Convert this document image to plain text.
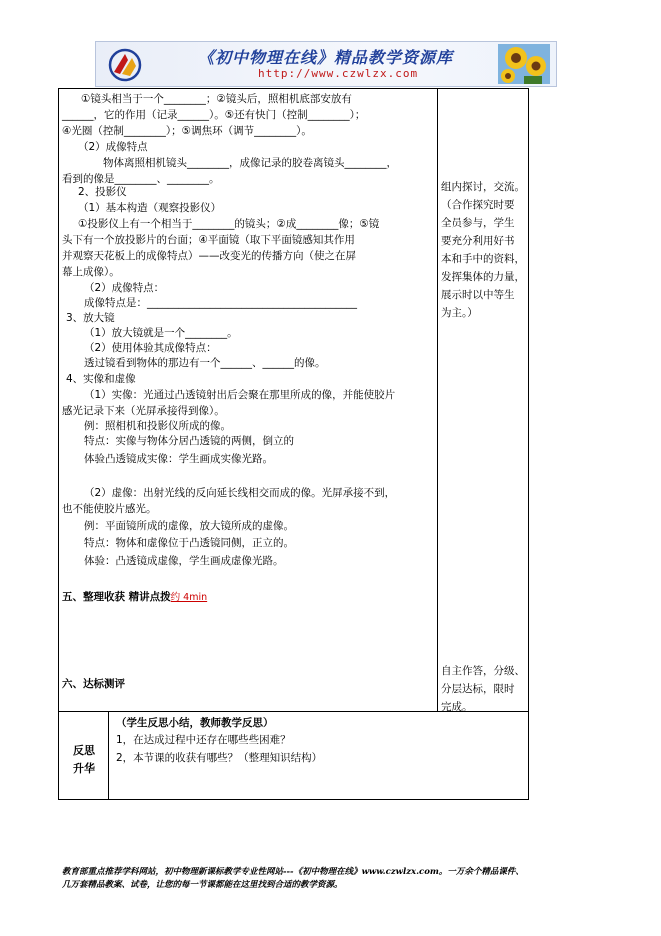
《初中物理在线》精品教学资源库
http://www.czwlzx.com
①镜头相当于一个________；②镜头后，照相机底部安放有
______，它的作用（记录______）。⑤还有快门（控制________）；
④光圈（控制________）；⑤调焦环（调节________）。
（2）成像特点
物体离照相机镜头________，成像记录的胶卷离镜头________，
看到的像是________、________。
2、投影仪
（1）基本构造（观察投影仪）
①投影仪上有一个相当于________的镜头；②成________像；⑤镜
头下有一个放投影片的台面；④平面镜（取下平面镜感知其作用
并观察天花板上的成像特点）——改变光的传播方向（使之在屏
幕上成像）。
（2）成像特点：
成像特点是：________________________________________
3、放大镜
（1）放大镜就是一个________。
（2）使用体验其成像特点：
透过镜看到物体的那边有一个______、______的像。
4、实像和虚像
（1）实像：光通过凸透镜射出后会聚在那里所成的像，并能使胶片
感光记录下来（光屏承接得到像）。
例：照相机和投影仪所成的像。
特点：实像与物体分居凸透镜的两侧，倒立的
体验凸透镜成实像：学生画成实像光路。
（2）虚像：出射光线的反向延长线相交而成的像。光屏承接不到，
也不能使胶片感光。
例：平面镜所成的虚像，放大镜所成的虚像。
特点：物体和虚像位于凸透镜同侧，正立的。
体验：凸透镜成虚像，学生画成虚像光路。
五、整理收获 精讲点拨约 4min
六、达标测评
组内探讨，交流。
（合作探究时要
全员参与，学生
要充分利用好书
本和手中的资料，
发挥集体的力量，
展示时以中等生
为主。）
自主作答，分级、
分层达标，限时
完成。
反思
升华
（学生反思小结，教师教学反思）
1，在达成过程中还存在哪些些困难？
2，本节课的收获有哪些？（整理知识结构）
教育部重点推荐学科网站，初中物理新课标教学专业性网站---《初中物理在线》www.czwlzx.com。一万余个精品课件、
几万套精品教案、试卷，让您的每一节课都能在这里找到合适的教学资源。
